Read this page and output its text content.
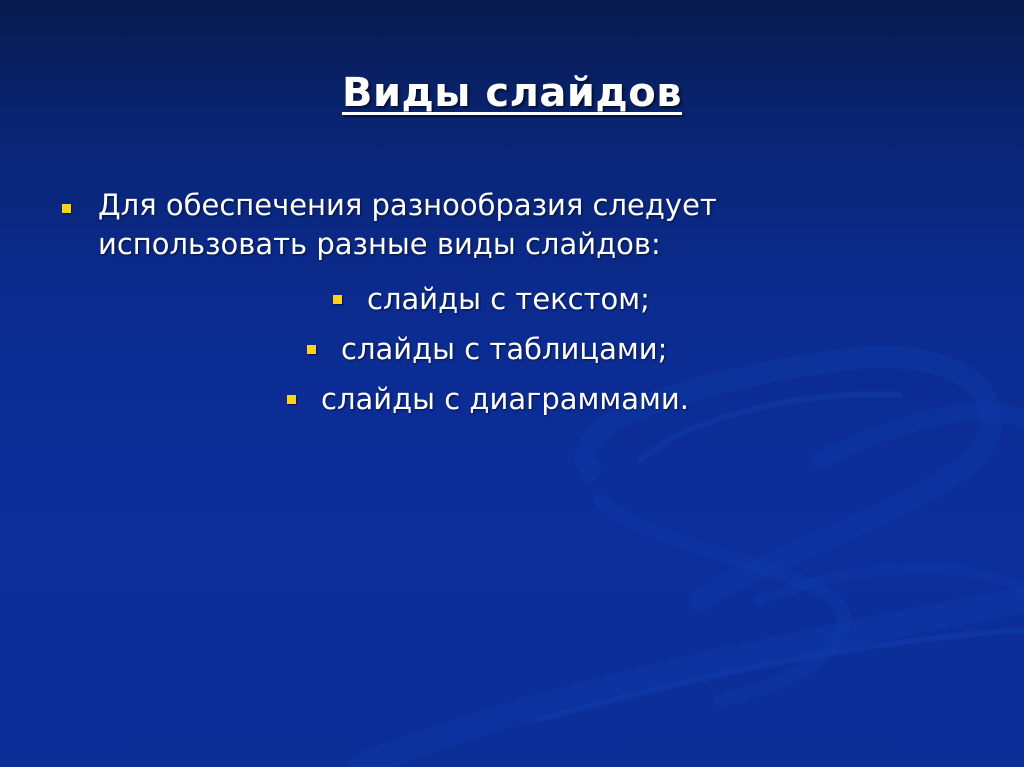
Виды слайдов
Для обеспечения разнообразия следует использовать разные виды слайдов:
слайды с текстом;
слайды с таблицами;
слайды с диаграммами.
